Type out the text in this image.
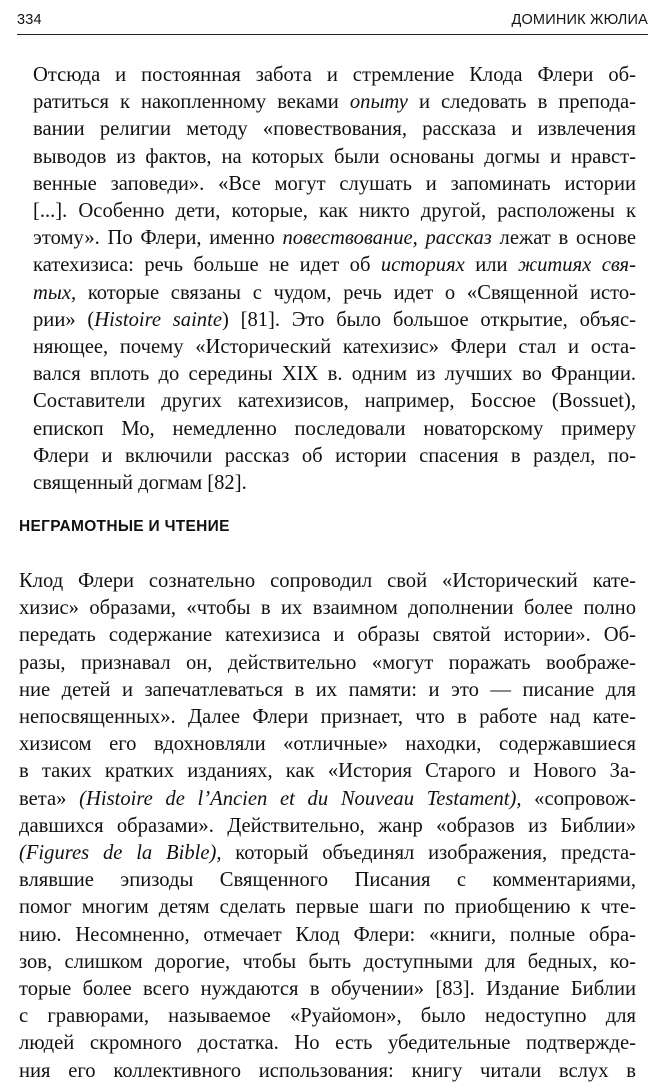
334	ДОМИНИК ЖЮЛИА

Отсюда и постоянная забота и стремление Клода Флери об-
ратиться к накопленному веками опыту и следовать в препода-
вании религии методу «повествования, рассказа и извлечения
выводов из фактов, на которых были основаны догмы и нравст-
венные заповеди». «Все могут слушать и запоминать истории
[...]. Особенно дети, которые, как никто другой, расположены к
этому». По Флери, именно повествование, рассказ лежат в основе
катехизиса: речь больше не идет об историях или житиях свя-
тых, которые связаны с чудом, речь идет о «Священной исто-
рии» (Histoire sainte) [81]. Это было большое открытие, объяс-
няющее, почему «Исторический катехизис» Флери стал и оста-
вался вплоть до середины XIX в. одним из лучших во Франции.
Составители других катехизисов, например, Боссюе (Bossuet),
епископ Мо, немедленно последовали новаторскому примеру
Флери и включили рассказ об истории спасения в раздел, по-
священный догмам [82].

НЕГРАМОТНЫЕ И ЧТЕНИЕ

Клод Флери сознательно сопроводил свой «Исторический кате-
хизис» образами, «чтобы в их взаимном дополнении более полно
передать содержание катехизиса и образы святой истории». Об-
разы, признавал он, действительно «могут поражать воображе-
ние детей и запечатлеваться в их памяти: и это — писание для
непосвященных». Далее Флери признает, что в работе над кате-
хизисом его вдохновляли «отличные» находки, содержавшиеся
в таких кратких изданиях, как «История Старого и Нового За-
вета» (Histoire de l’Ancien et du Nouveau Testament), «сопровож-
давшихся образами». Действительно, жанр «образов из Библии»
(Figures de la Bible), который объединял изображения, предста-
влявшие эпизоды Священного Писания с комментариями,
помог многим детям сделать первые шаги по приобщению к чте-
нию. Несомненно, отмечает Клод Флери: «книги, полные обра-
зов, слишком дорогие, чтобы быть доступными для бедных, ко-
торые более всего нуждаются в обучении» [83]. Издание Библии
с гравюрами, называемое «Руайомон», было недоступно для
людей скромного достатка. Но есть убедительные подтвержде-
ния его коллективного использования: книгу читали вслух в
